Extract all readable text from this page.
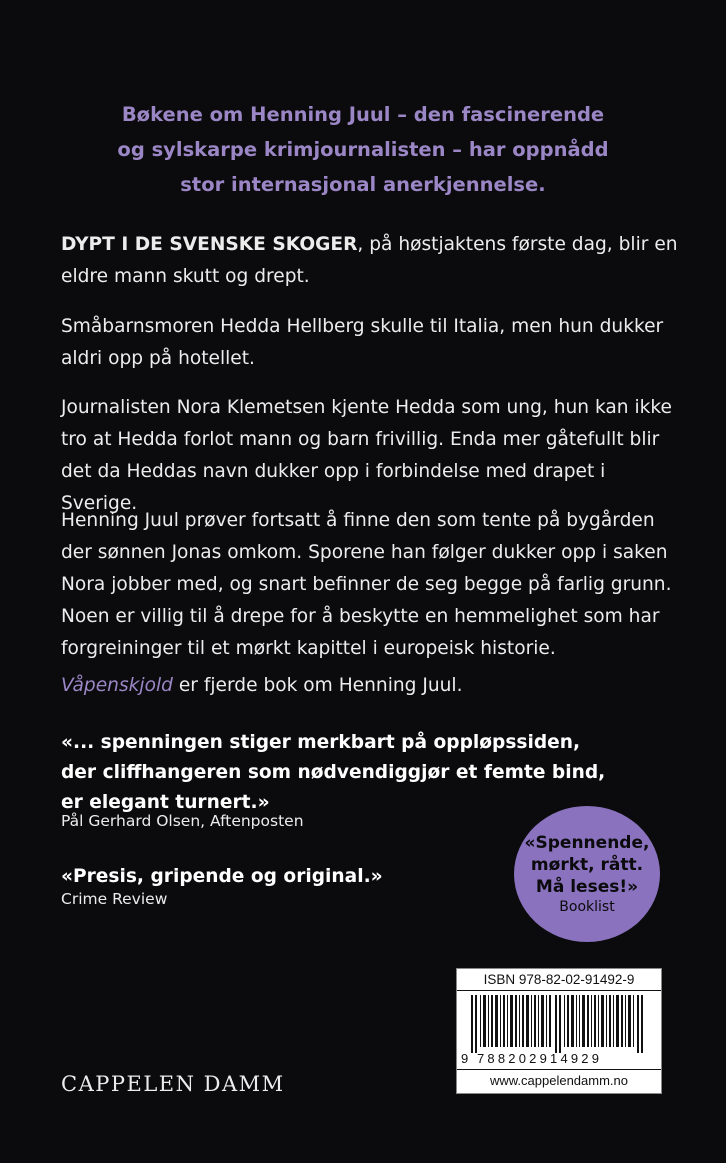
Bøkene om Henning Juul – den fascinerende
og sylskarpe krimjournalisten – har oppnådd
stor internasjonal anerkjennelse.
DYPT I DE SVENSKE SKOGER, på høstjaktens første dag, blir en eldre mann skutt og drept.
Småbarnsmoren Hedda Hellberg skulle til Italia, men hun dukker aldri opp på hotellet.
Journalisten Nora Klemetsen kjente Hedda som ung, hun kan ikke tro at Hedda forlot mann og barn frivillig. Enda mer gåtefullt blir det da Heddas navn dukker opp i forbindelse med drapet i Sverige.
Henning Juul prøver fortsatt å finne den som tente på bygården der sønnen Jonas omkom. Sporene han følger dukker opp i saken Nora jobber med, og snart befinner de seg begge på farlig grunn. Noen er villig til å drepe for å beskytte en hemmelighet som har forgreininger til et mørkt kapittel i europeisk historie.
Våpenskjold er fjerde bok om Henning Juul.
«... spenningen stiger merkbart på oppløpssiden, der cliffhangeren som nødvendiggjør et femte bind, er elegant turnert.»
Pål Gerhard Olsen, Aftenposten
«Presis, gripende og original.»
Crime Review
«Spennende,
mørkt, rått.
Må leses!»
Booklist
ISBN 978-82-02-91492-9
9 788202914929
www.cappelendamm.no
CAPPELEN DAMM
